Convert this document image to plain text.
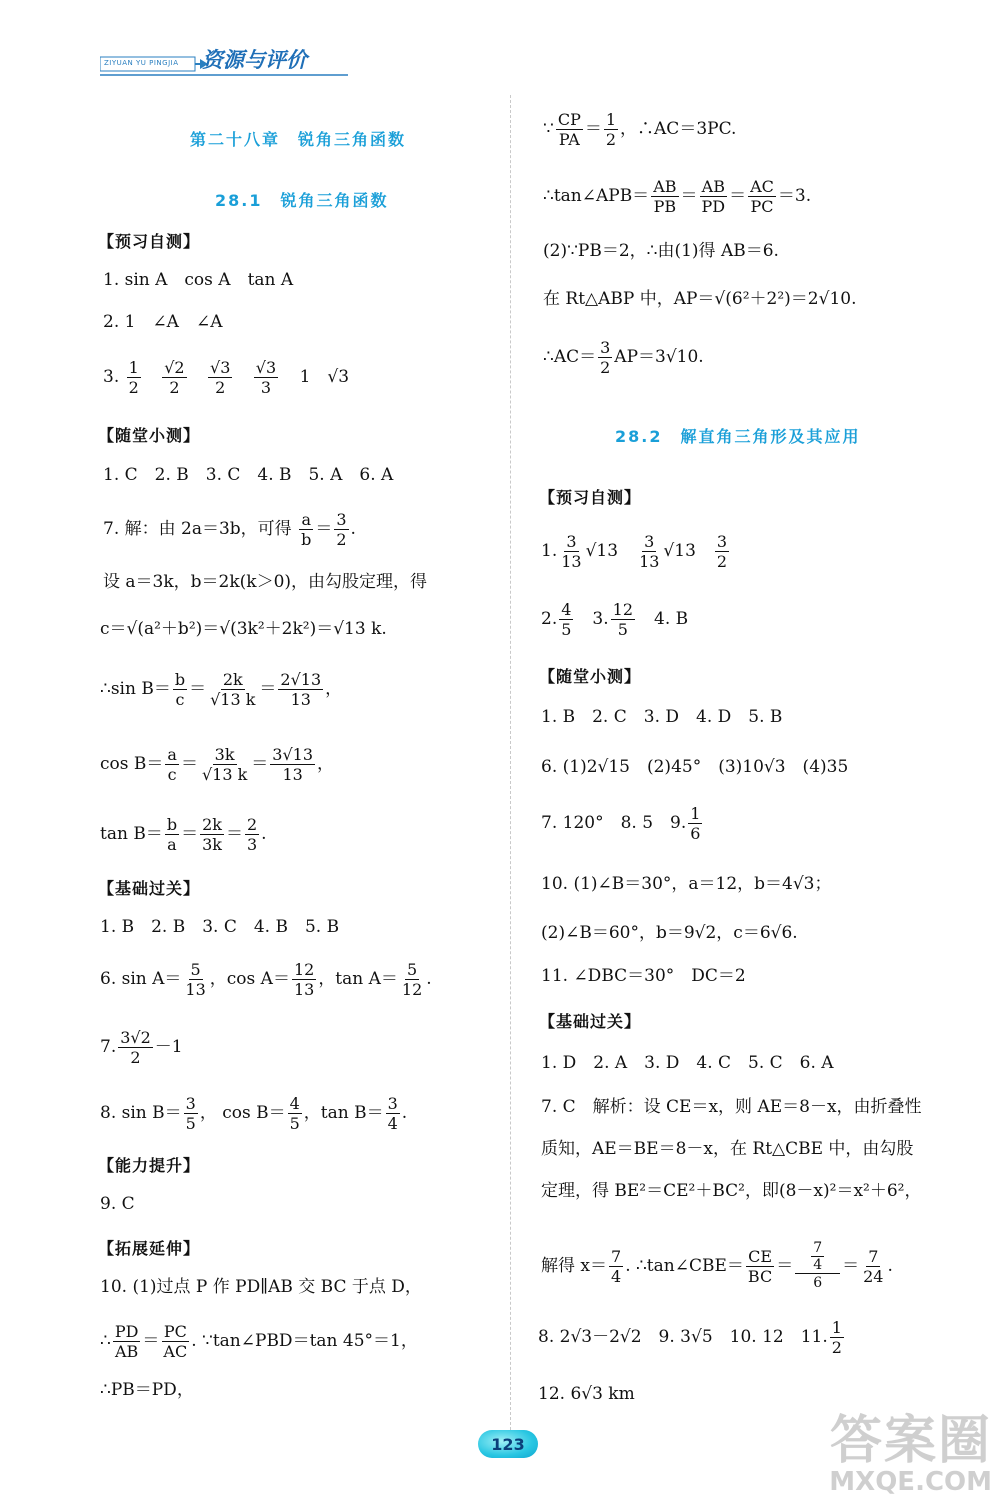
ZIYUAN YU PINGJIA 资源与评价
第二十八章　锐角三角函数
28.1　锐角三角函数
【预习自测】
1. sin A　cos A　tan A
2. 1　∠A　∠A
3. $\frac{1}{2}$
$\frac{√2}{2}$
$\frac{√3}{2}$
$\frac{√3}{3} 1$　√3
【随堂小测】
1. C　2. B　3. C　4. B　5. A　6. A
7. 解：由 2a＝3b，可得 $\frac{a}{b} = \frac{3}{2}$ .
设 a＝3k，b＝2k(k＞0)，由勾股定理，得
c＝√(a²＋b²)＝√(3k²＋2k²)＝√13 k.
∴sin $B= \frac{b}{c} = \frac{2k}{√13 k} = \frac{2√13}{13}$ ，
$\cos B= \frac{a}{c} = \frac{3k}{√13 k} = \frac{3√13}{13}$ ，
$\tan B= \frac{b}{a} = \frac{2k}{3k} = \frac{2}{3}$ .
【基础过关】
1. B　2. B　3. C　4. B　5. B
6. $\sin A= \frac{5}{13}$ ，$\cos A= \frac{12}{13}$ ，$\tan A= \frac{5}{12}$ .
7. $\frac{3√2}{2} -1$
8. $\sin B= \frac{3}{5}$ ， $\cos B= \frac{4}{5}$ ，$\tan B= \frac{3}{4}$ .
【能力提升】
9. C
【拓展延伸】
10. (1)过点 P 作 PD∥AB 交 BC 于点 D，
∴ $\frac{PD}{AB} = \frac{PC}{AC}$ . ∵tan∠PBD＝tan 45°＝1，
∴PB＝PD，
∵ $\frac{CP}{PA} = \frac{1}{2}$ ，∴AC＝3PC.
∴tan∠APB＝ $\frac{AB}{PB} = \frac{AB}{PD} = \frac{AC}{PC} =3$.
(2)∵PB＝2，∴由(1)得 AB＝6.
在 Rt△ABP 中，AP＝√(6²＋2²)＝2√10.
∴AC＝ $\frac{3}{2} AP=3√10$.
28.2　解直角三角形及其应用
【预习自测】
1. $\frac{3}{13} √13$　 $\frac{3}{13} √13$　 $\frac{3}{2}$
2. $\frac{4}{5}$ 　3. $\frac{12}{5}$ 　4. B
【随堂小测】
1. B　2. C　3. D　4. D　5. B
6. (1)2√15　(2)45°　(3)10√3　(4)35
7. 120°　8. 5　9. $\frac{1}{6}$
10. (1)∠B＝30°，a＝12，b＝4√3；
(2)∠B＝60°，b＝9√2，c＝6√6.
11. ∠DBC＝30°　DC＝2
【基础过关】
1. D　2. A　3. D　4. C　5. C　6. A
7. C　解析：设 CE＝x，则 AE＝8－x，由折叠性
质知，AE＝BE＝8－x，在 Rt△CBE 中，由勾股
定理，得 BE²＝CE²＋BC²，即(8－x)²＝x²＋6²，
解得 $x= \frac{7}{4}$ . ∴tan∠CBE＝ $\frac{CE}{BC} = \frac{\frac{7}{4}}{6} = \frac{7}{24}$ .
8. 2√3－2√2　9. 3√5　10. 12　11. $\frac{1}{2}$
12. 6√3 km
123	答案圈
MXQE.COM
